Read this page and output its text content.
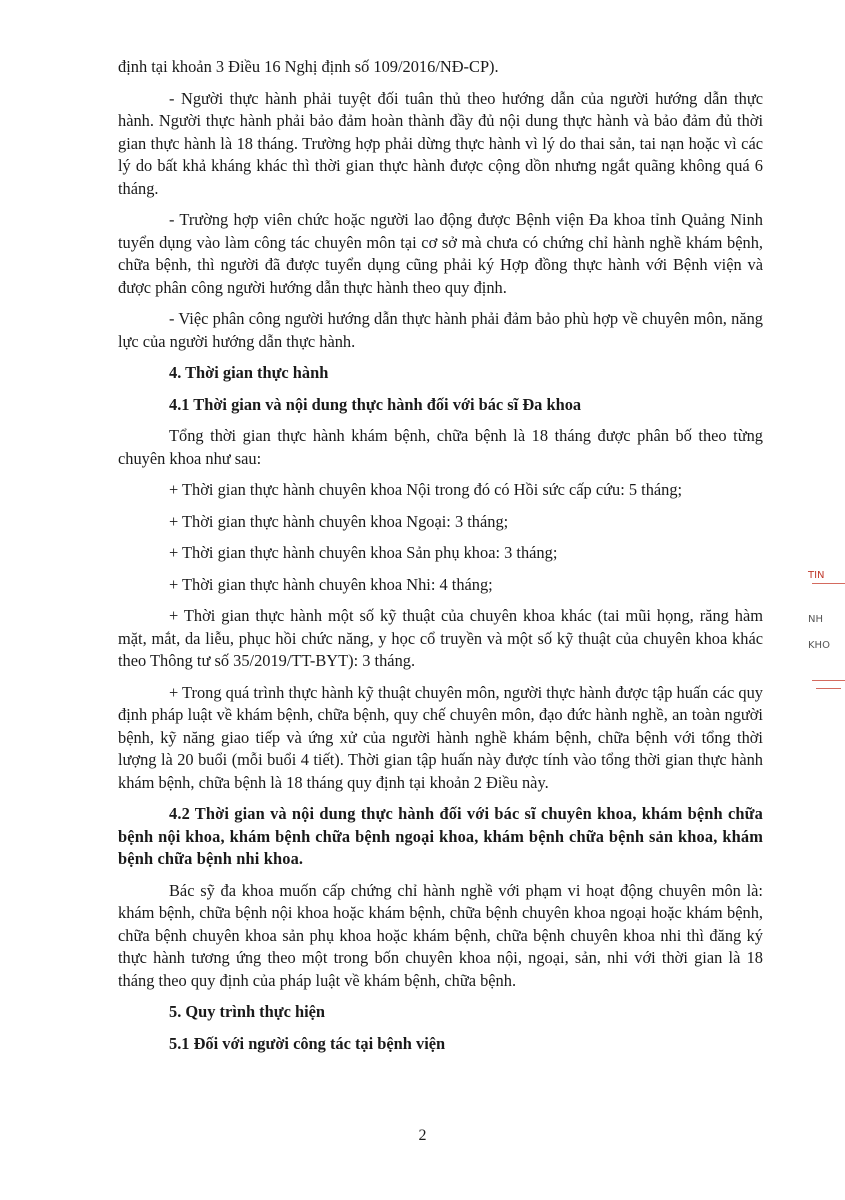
định tại khoản 3 Điều 16 Nghị định số 109/2016/NĐ-CP).

- Người thực hành phải tuyệt đối tuân thủ theo hướng dẫn của người hướng dẫn thực hành. Người thực hành phải bảo đảm hoàn thành đầy đủ nội dung thực hành và bảo đảm đủ thời gian thực hành là 18 tháng. Trường hợp phải dừng thực hành vì lý do thai sản, tai nạn hoặc vì các lý do bất khả kháng khác thì thời gian thực hành được cộng dồn nhưng ngắt quãng không quá 6 tháng.

- Trường hợp viên chức hoặc người lao động được Bệnh viện Đa khoa tỉnh Quảng Ninh tuyển dụng vào làm công tác chuyên môn tại cơ sở mà chưa có chứng chỉ hành nghề khám bệnh, chữa bệnh, thì người đã được tuyển dụng cũng phải ký Hợp đồng thực hành với Bệnh viện và được phân công người hướng dẫn thực hành theo quy định.

- Việc phân công người hướng dẫn thực hành phải đảm bảo phù hợp về chuyên môn, năng lực của người hướng dẫn thực hành.

4. Thời gian thực hành

4.1 Thời gian và nội dung thực hành đối với bác sĩ Đa khoa

Tổng thời gian thực hành khám bệnh, chữa bệnh là 18 tháng được phân bố theo từng chuyên khoa như sau:

+ Thời gian thực hành chuyên khoa Nội trong đó có Hồi sức cấp cứu: 5 tháng;

+ Thời gian thực hành chuyên khoa Ngoại: 3 tháng;

+ Thời gian thực hành chuyên khoa Sản phụ khoa: 3 tháng;

+ Thời gian thực hành chuyên khoa Nhi: 4 tháng;

+ Thời gian thực hành một số kỹ thuật của chuyên khoa khác (tai mũi họng, răng hàm mặt, mắt, da liễu, phục hồi chức năng, y học cổ truyền và một số kỹ thuật của chuyên khoa khác theo Thông tư số 35/2019/TT-BYT): 3 tháng.

+ Trong quá trình thực hành kỹ thuật chuyên môn, người thực hành được tập huấn các quy định pháp luật về khám bệnh, chữa bệnh, quy chế chuyên môn, đạo đức hành nghề, an toàn người bệnh, kỹ năng giao tiếp và ứng xử của người hành nghề khám bệnh, chữa bệnh với tổng thời lượng là 20 buổi (mỗi buổi 4 tiết). Thời gian tập huấn này được tính vào tổng thời gian thực hành khám bệnh, chữa bệnh là 18 tháng quy định tại khoản 2 Điều này.

4.2 Thời gian và nội dung thực hành đối với bác sĩ chuyên khoa, khám bệnh chữa bệnh nội khoa, khám bệnh chữa bệnh ngoại khoa, khám bệnh chữa bệnh sản khoa, khám bệnh chữa bệnh nhi khoa.

Bác sỹ đa khoa muốn cấp chứng chỉ hành nghề với phạm vi hoạt động chuyên môn là: khám bệnh, chữa bệnh nội khoa hoặc khám bệnh, chữa bệnh chuyên khoa ngoại hoặc khám bệnh, chữa bệnh chuyên khoa sản phụ khoa hoặc khám bệnh, chữa bệnh chuyên khoa nhi thì đăng ký thực hành tương ứng theo một trong bốn chuyên khoa nội, ngoại, sản, nhi với thời gian là 18 tháng theo quy định của pháp luật về khám bệnh, chữa bệnh.

5. Quy trình thực hiện

5.1 Đối với người công tác tại bệnh viện

2
TIN
NH
KHO
